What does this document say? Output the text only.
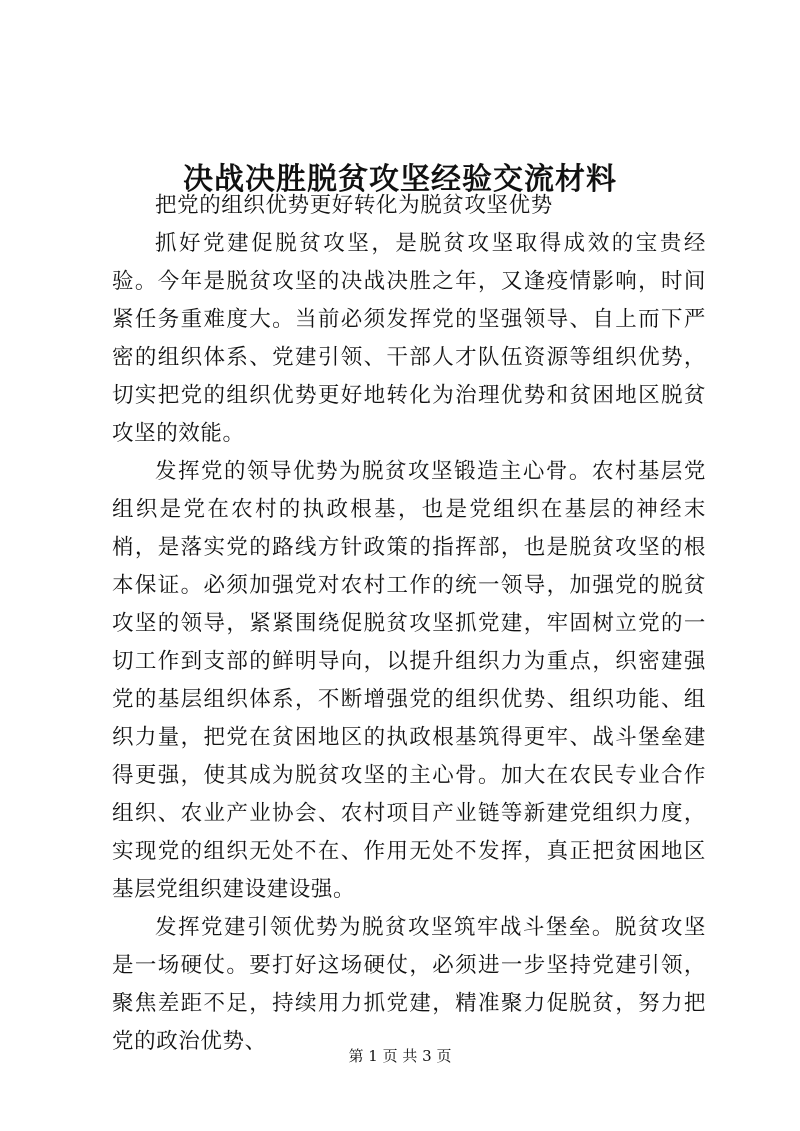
决战决胜脱贫攻坚经验交流材料

把党的组织优势更好转化为脱贫攻坚优势

抓好党建促脱贫攻坚，是脱贫攻坚取得成效的宝贵经验。今年是脱贫攻坚的决战决胜之年，又逢疫情影响，时间紧任务重难度大。当前必须发挥党的坚强领导、自上而下严密的组织体系、党建引领、干部人才队伍资源等组织优势，切实把党的组织优势更好地转化为治理优势和贫困地区脱贫攻坚的效能。

发挥党的领导优势为脱贫攻坚锻造主心骨。农村基层党组织是党在农村的执政根基，也是党组织在基层的神经末梢，是落实党的路线方针政策的指挥部，也是脱贫攻坚的根本保证。必须加强党对农村工作的统一领导，加强党的脱贫攻坚的领导，紧紧围绕促脱贫攻坚抓党建，牢固树立党的一切工作到支部的鲜明导向，以提升组织力为重点，织密建强党的基层组织体系，不断增强党的组织优势、组织功能、组织力量，把党在贫困地区的执政根基筑得更牢、战斗堡垒建得更强，使其成为脱贫攻坚的主心骨。加大在农民专业合作组织、农业产业协会、农村项目产业链等新建党组织力度，实现党的组织无处不在、作用无处不发挥，真正把贫困地区基层党组织建设建设强。

发挥党建引领优势为脱贫攻坚筑牢战斗堡垒。脱贫攻坚是一场硬仗。要打好这场硬仗，必须进一步坚持党建引领，聚焦差距不足，持续用力抓党建，精准聚力促脱贫，努力把党的政治优势、

第 1 页 共 3 页
